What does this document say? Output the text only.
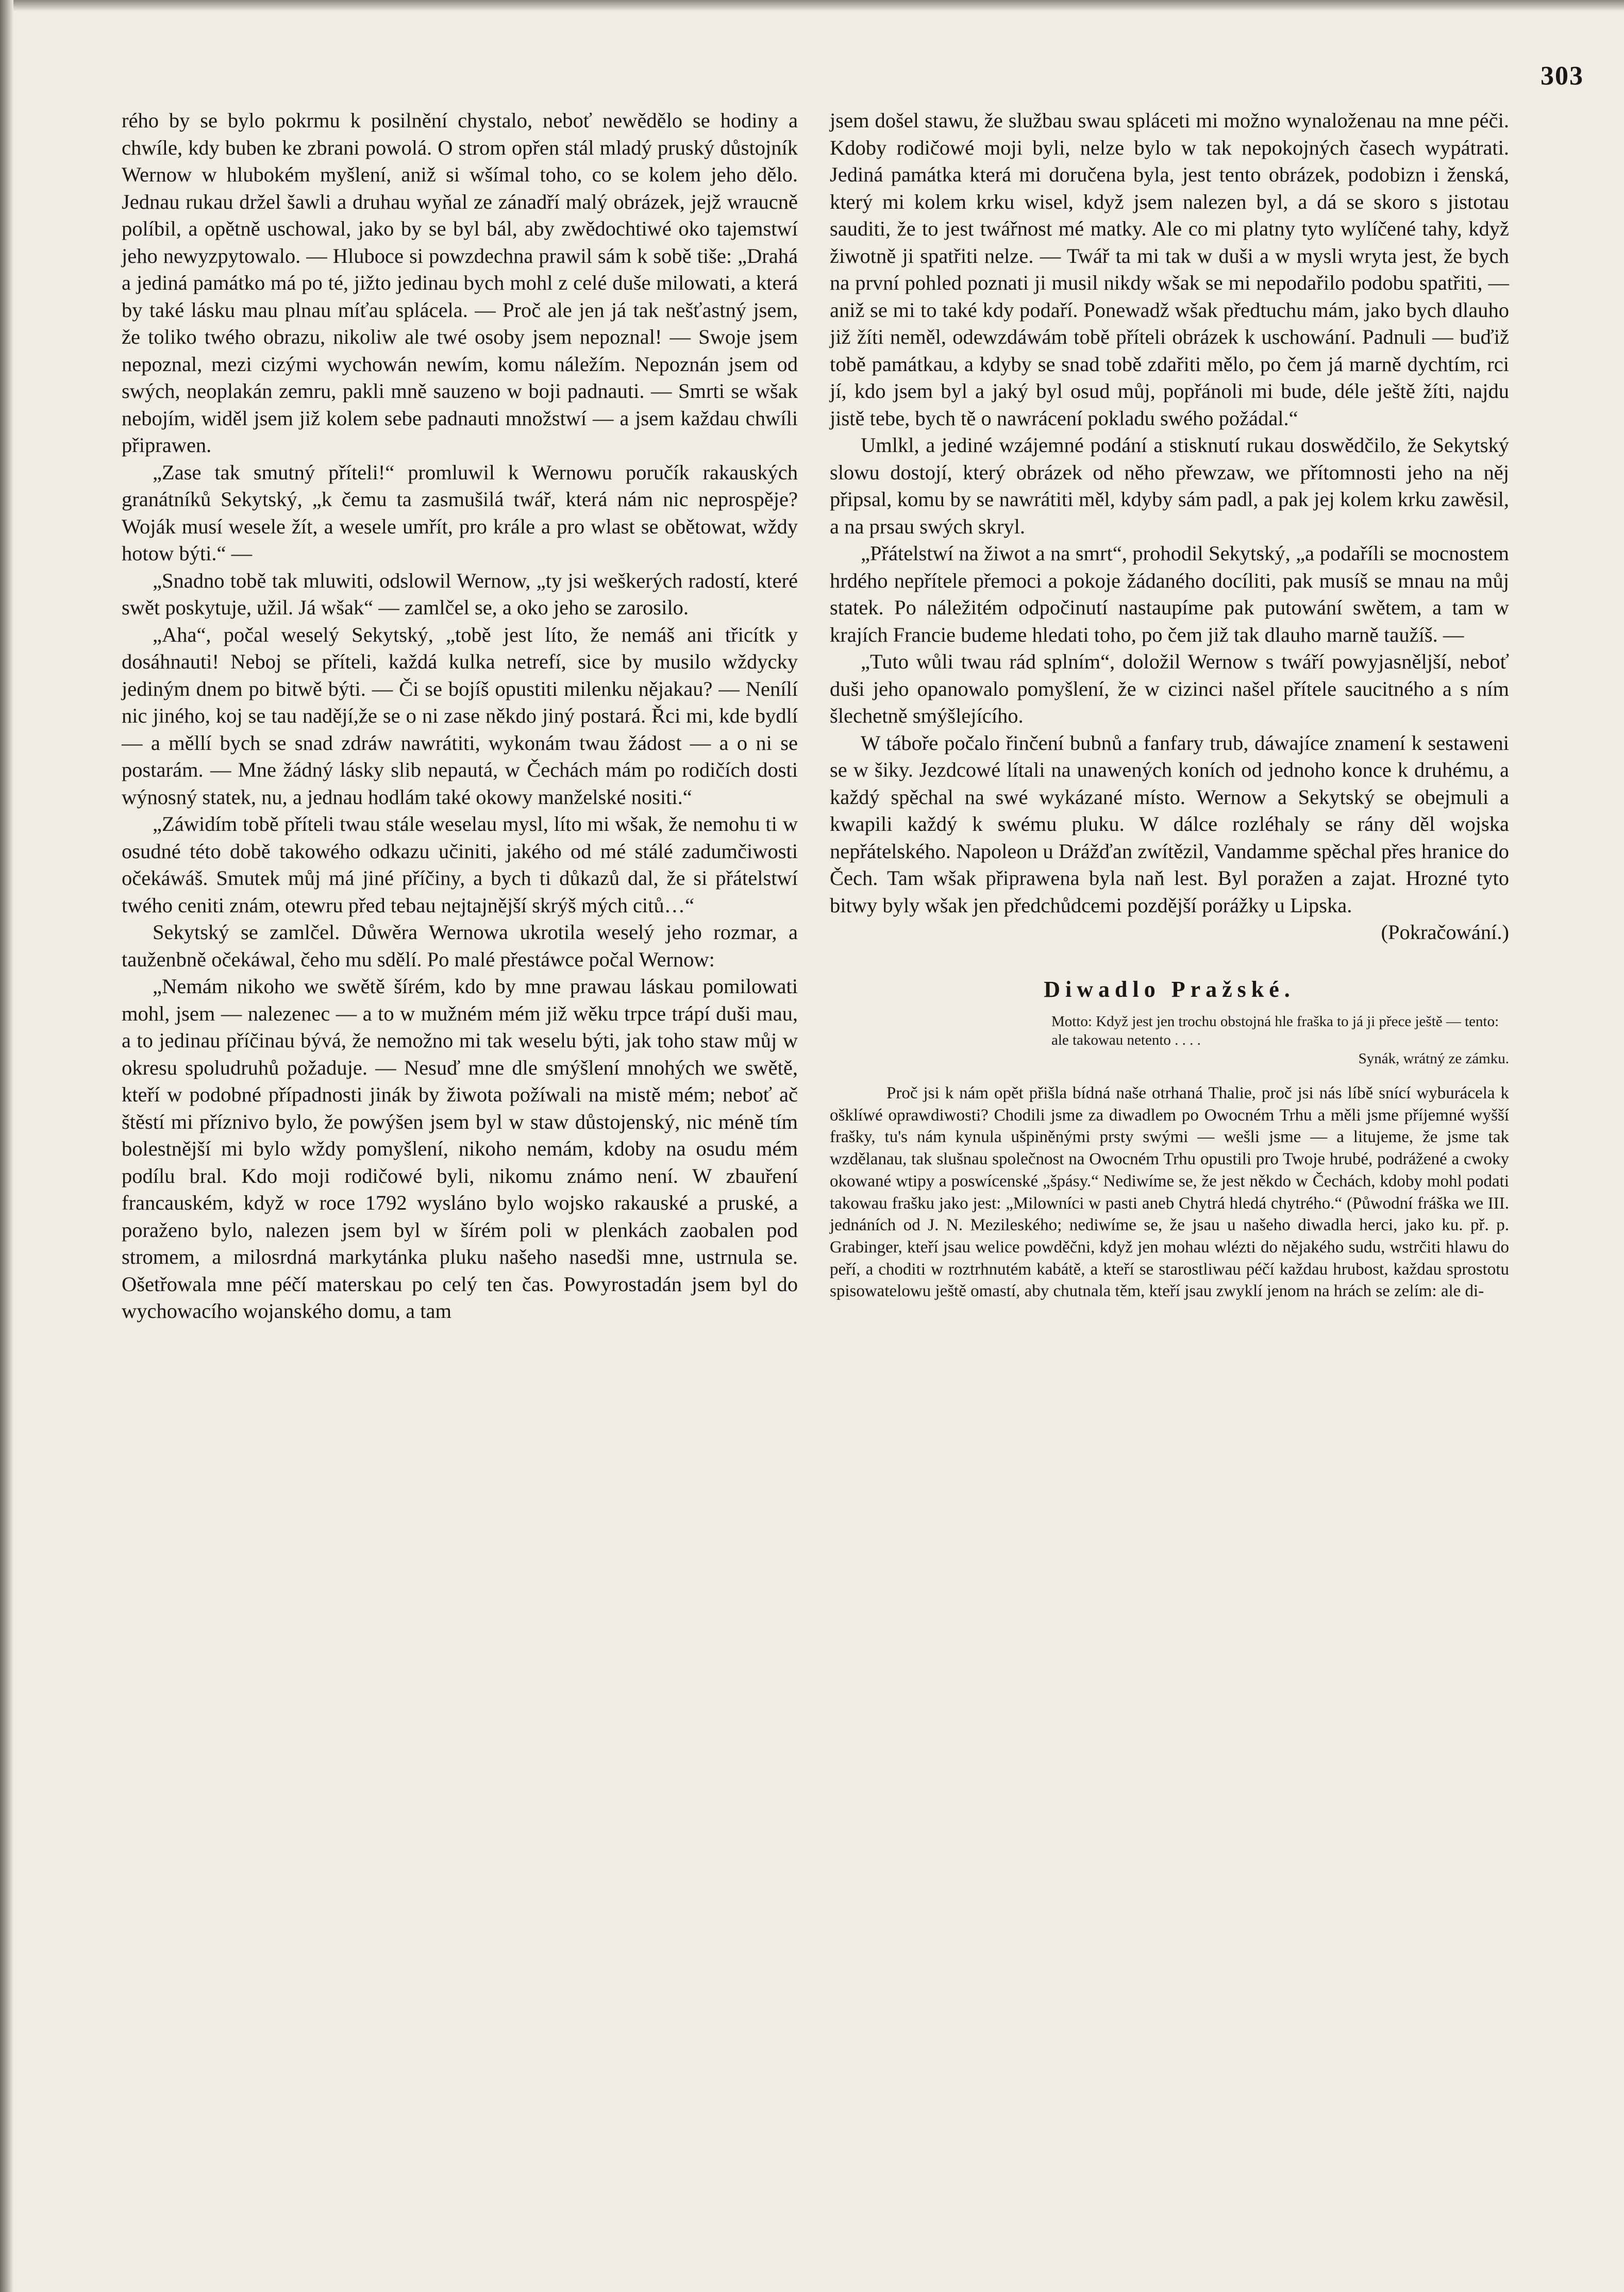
303

rého by se bylo pokrmu k posilnění chystalo, neboť newědělo se hodiny a chwíle, kdy buben ke zbrani powolá. O strom opřen stál mladý pruský důstojník Wernow w hlubokém myšlení, aniž si wšímal toho, co se kolem jeho dělo. Jednau rukau držel šawli a druhau wyňal ze zánadří malý obrázek, jejž wraucně políbil, a opětně uschowal, jako by se byl bál, aby zwědochtiwé oko tajemstwí jeho newyzpytowalo. — Hluboce si powzdechna prawil sám k sobě tiše: „Drahá a jediná památko má po té, jižto jedinau bych mohl z celé duše milowati, a která by také lásku mau plnau míťau splácela. — Proč ale jen já tak nešťastný jsem, že toliko twého obrazu, nikoliw ale twé osoby jsem nepoznal! — Swoje jsem nepoznal, mezi cizými wychowán newím, komu náležím. Nepoznán jsem od swých, neoplakán zemru, pakli mně sauzeno w boji padnauti. — Smrti se wšak nebojím, widěl jsem již kolem sebe padnauti množstwí — a jsem každau chwíli připrawen.

„Zase tak smutný příteli!“ promluwil k Wernowu poručík rakauských granátníků Sekytský, „k čemu ta zasmušilá twář, která nám nic neprospěje? Woják musí wesele žít, a wesele umřít, pro krále a pro wlast se obětowat, wždy hotow býti.“ —

„Snadno tobě tak mluwiti, odslowil Wernow, „ty jsi weškerých radostí, které swět poskytuje, užil. Já wšak“ — zamlčel se, a oko jeho se zarosilo.

„Aha“, počal weselý Sekytský, „tobě jest líto, že nemáš ani třicítk y dosáhnauti! Neboj se příteli, každá kulka netrefí, sice by musilo wždycky jediným dnem po bitwě býti. — Či se bojíš opustiti milenku nějakau? — Nenílí nic jiného, koj se tau nadějí,že se o ni zase někdo jiný postará. Řci mi, kde bydlí — a měllí bych se snad zdráw nawrátiti, wykonám twau žádost — a o ni se postarám. — Mne žádný lásky slib nepautá, w Čechách mám po rodičích dosti wýnosný statek, nu, a jednau hodlám také okowy manželské nositi.“

„Záwidím tobě příteli twau stále weselau mysl, líto mi wšak, že nemohu ti w osudné této době takowého odkazu učiniti, jakého od mé stálé zadumčiwosti očekáwáš. Smutek můj má jiné příčiny, a bych ti důkazů dal, že si přátelstwí twého ceniti znám, otewru před tebau nejtajnější skrýš mých citů…“

Sekytský se zamlčel. Důwěra Wernowa ukrotila weselý jeho rozmar, a tauženbně očekáwal, čeho mu sdělí. Po malé přestáwce počal Wernow:

„Nemám nikoho we swětě šírém, kdo by mne prawau láskau pomilowati mohl, jsem — nalezenec — a to w mužném mém již wěku trpce trápí duši mau, a to jedinau příčinau bývá, že nemožno mi tak weselu býti, jak toho staw můj w okresu spoludruhů požaduje. — Nesuď mne dle smýšlení mnohých we swětě, kteří w podobné případnosti jinák by žiwota požíwali na mistě mém; neboť ač štěstí mi příznivo bylo, že powýšen jsem byl w staw důstojenský, nic méně tím bolestnější mi bylo wždy pomyšlení, nikoho nemám, kdoby na osudu mém podílu bral. Kdo moji rodičowé byli, nikomu známo není. W zbauření francauském, když w roce 1792 wysláno bylo wojsko rakauské a pruské, a poraženo bylo, nalezen jsem byl w šírém poli w plenkách zaobalen pod stromem, a milosrdná markytánka pluku našeho nasedši mne, ustrnula se. Ošetřowala mne péčí materskau po celý ten čas. Powyrostadán jsem byl do wychowacího wojanského domu, a tam

jsem došel stawu, že službau swau spláceti mi možno wynaloženau na mne péči. Kdoby rodičowé moji byli, nelze bylo w tak nepokojných časech wypátrati. Jediná památka která mi doručena byla, jest tento obrázek, podobizn i ženská, který mi kolem krku wisel, když jsem nalezen byl, a dá se skoro s jistotau sauditi, že to jest twářnost mé matky. Ale co mi platny tyto wylíčené tahy, když žiwotně ji spatřiti nelze. — Twář ta mi tak w duši a w mysli wryta jest, že bych na první pohled poznati ji musil nikdy wšak se mi nepodařilo podobu spatřiti, — aniž se mi to také kdy podaří. Ponewadž wšak předtuchu mám, jako bych dlauho již žíti neměl, odewzdáwám tobě příteli obrázek k uschowání. Padnuli — buďiž tobě památkau, a kdyby se snad tobě zdařiti mělo, po čem já marně dychtím, rci jí, kdo jsem byl a jaký byl osud můj, popřánoli mi bude, déle ještě žíti, najdu jistě tebe, bych tě o nawrácení pokladu swého požádal.“

Umlkl, a jediné wzájemné podání a stisknutí rukau doswědčilo, že Sekytský slowu dostojí, který obrázek od něho přewzaw, we přítomnosti jeho na něj připsal, komu by se nawrátiti měl, kdyby sám padl, a pak jej kolem krku zawěsil, a na prsau swých skryl.

„Přátelstwí na žiwot a na smrt“, prohodil Sekytský, „a podaříli se mocnostem hrdého nepřítele přemoci a pokoje žádaného docíliti, pak musíš se mnau na můj statek. Po náležitém odpočinutí nastaupíme pak putowání swětem, a tam w krajích Francie budeme hledati toho, po čem již tak dlauho marně taužíš. —

„Tuto wůli twau rád splním“, doložil Wernow s twáří powyjasněljší, neboť duši jeho opanowalo pomyšlení, že w cizinci našel přítele saucitného a s ním šlechetně smýšlejícího.

W táboře počalo řinčení bubnů a fanfary trub, dáwajíce znamení k sestaweni se w šiky. Jezdcowé lítali na unawených koních od jednoho konce k druhému, a každý spěchal na swé wykázané místo. Wernow a Sekytský se obejmuli a kwapili každý k swému pluku. W dálce rozléhaly se rány děl wojska nepřátelského. Napoleon u Drážďan zwítězil, Vandamme spěchal přes hranice do Čech. Tam wšak připrawena byla naň lest. Byl poražen a zajat. Hrozné tyto bitwy byly wšak jen předchůdcemi pozdější porážky u Lipska.

(Pokračowání.)

Diwadlo Pražské.
Motto: Když jest jen trochu obstojná hle fraška to já ji přece ještě — tento: ale takowau netento . . . .
Synák, wrátný ze zámku.

Proč jsi k nám opět přišla bídná naše otrhaná Thalie, proč jsi nás líbě snící wyburácela k ošklíwé oprawdiwosti? Chodili jsme za diwadlem po Owocném Trhu a měli jsme příjemné wyšší frašky, tu's nám kynula ušpiněnými prsty swými — wešli jsme — a litujeme, že jsme tak wzdělanau, tak slušnau společnost na Owocném Trhu opustili pro Twoje hrubé, podrážené a cwoky okowané wtipy a poswícenské „špásy.“ Nediwíme se, že jest někdo w Čechách, kdoby mohl podati takowau frašku jako jest: „Milowníci w pasti aneb Chytrá hledá chytrého.“ (Půwodní fráška we III. jednáních od J. N. Mezileského; nediwíme se, že jsau u našeho diwadla herci, jako ku. př. p. Grabinger, kteří jsau welice powděčni, když jen mohau wlézti do nějakého sudu, wstrčiti hlawu do peří, a choditi w roztrhnutém kabátě, a kteří se starostliwau péčí každau hrubost, každau sprostotu spisowatelowu ještě omastí, aby chutnala těm, kteří jsau zwyklí jenom na hrách se zelím: ale di-
